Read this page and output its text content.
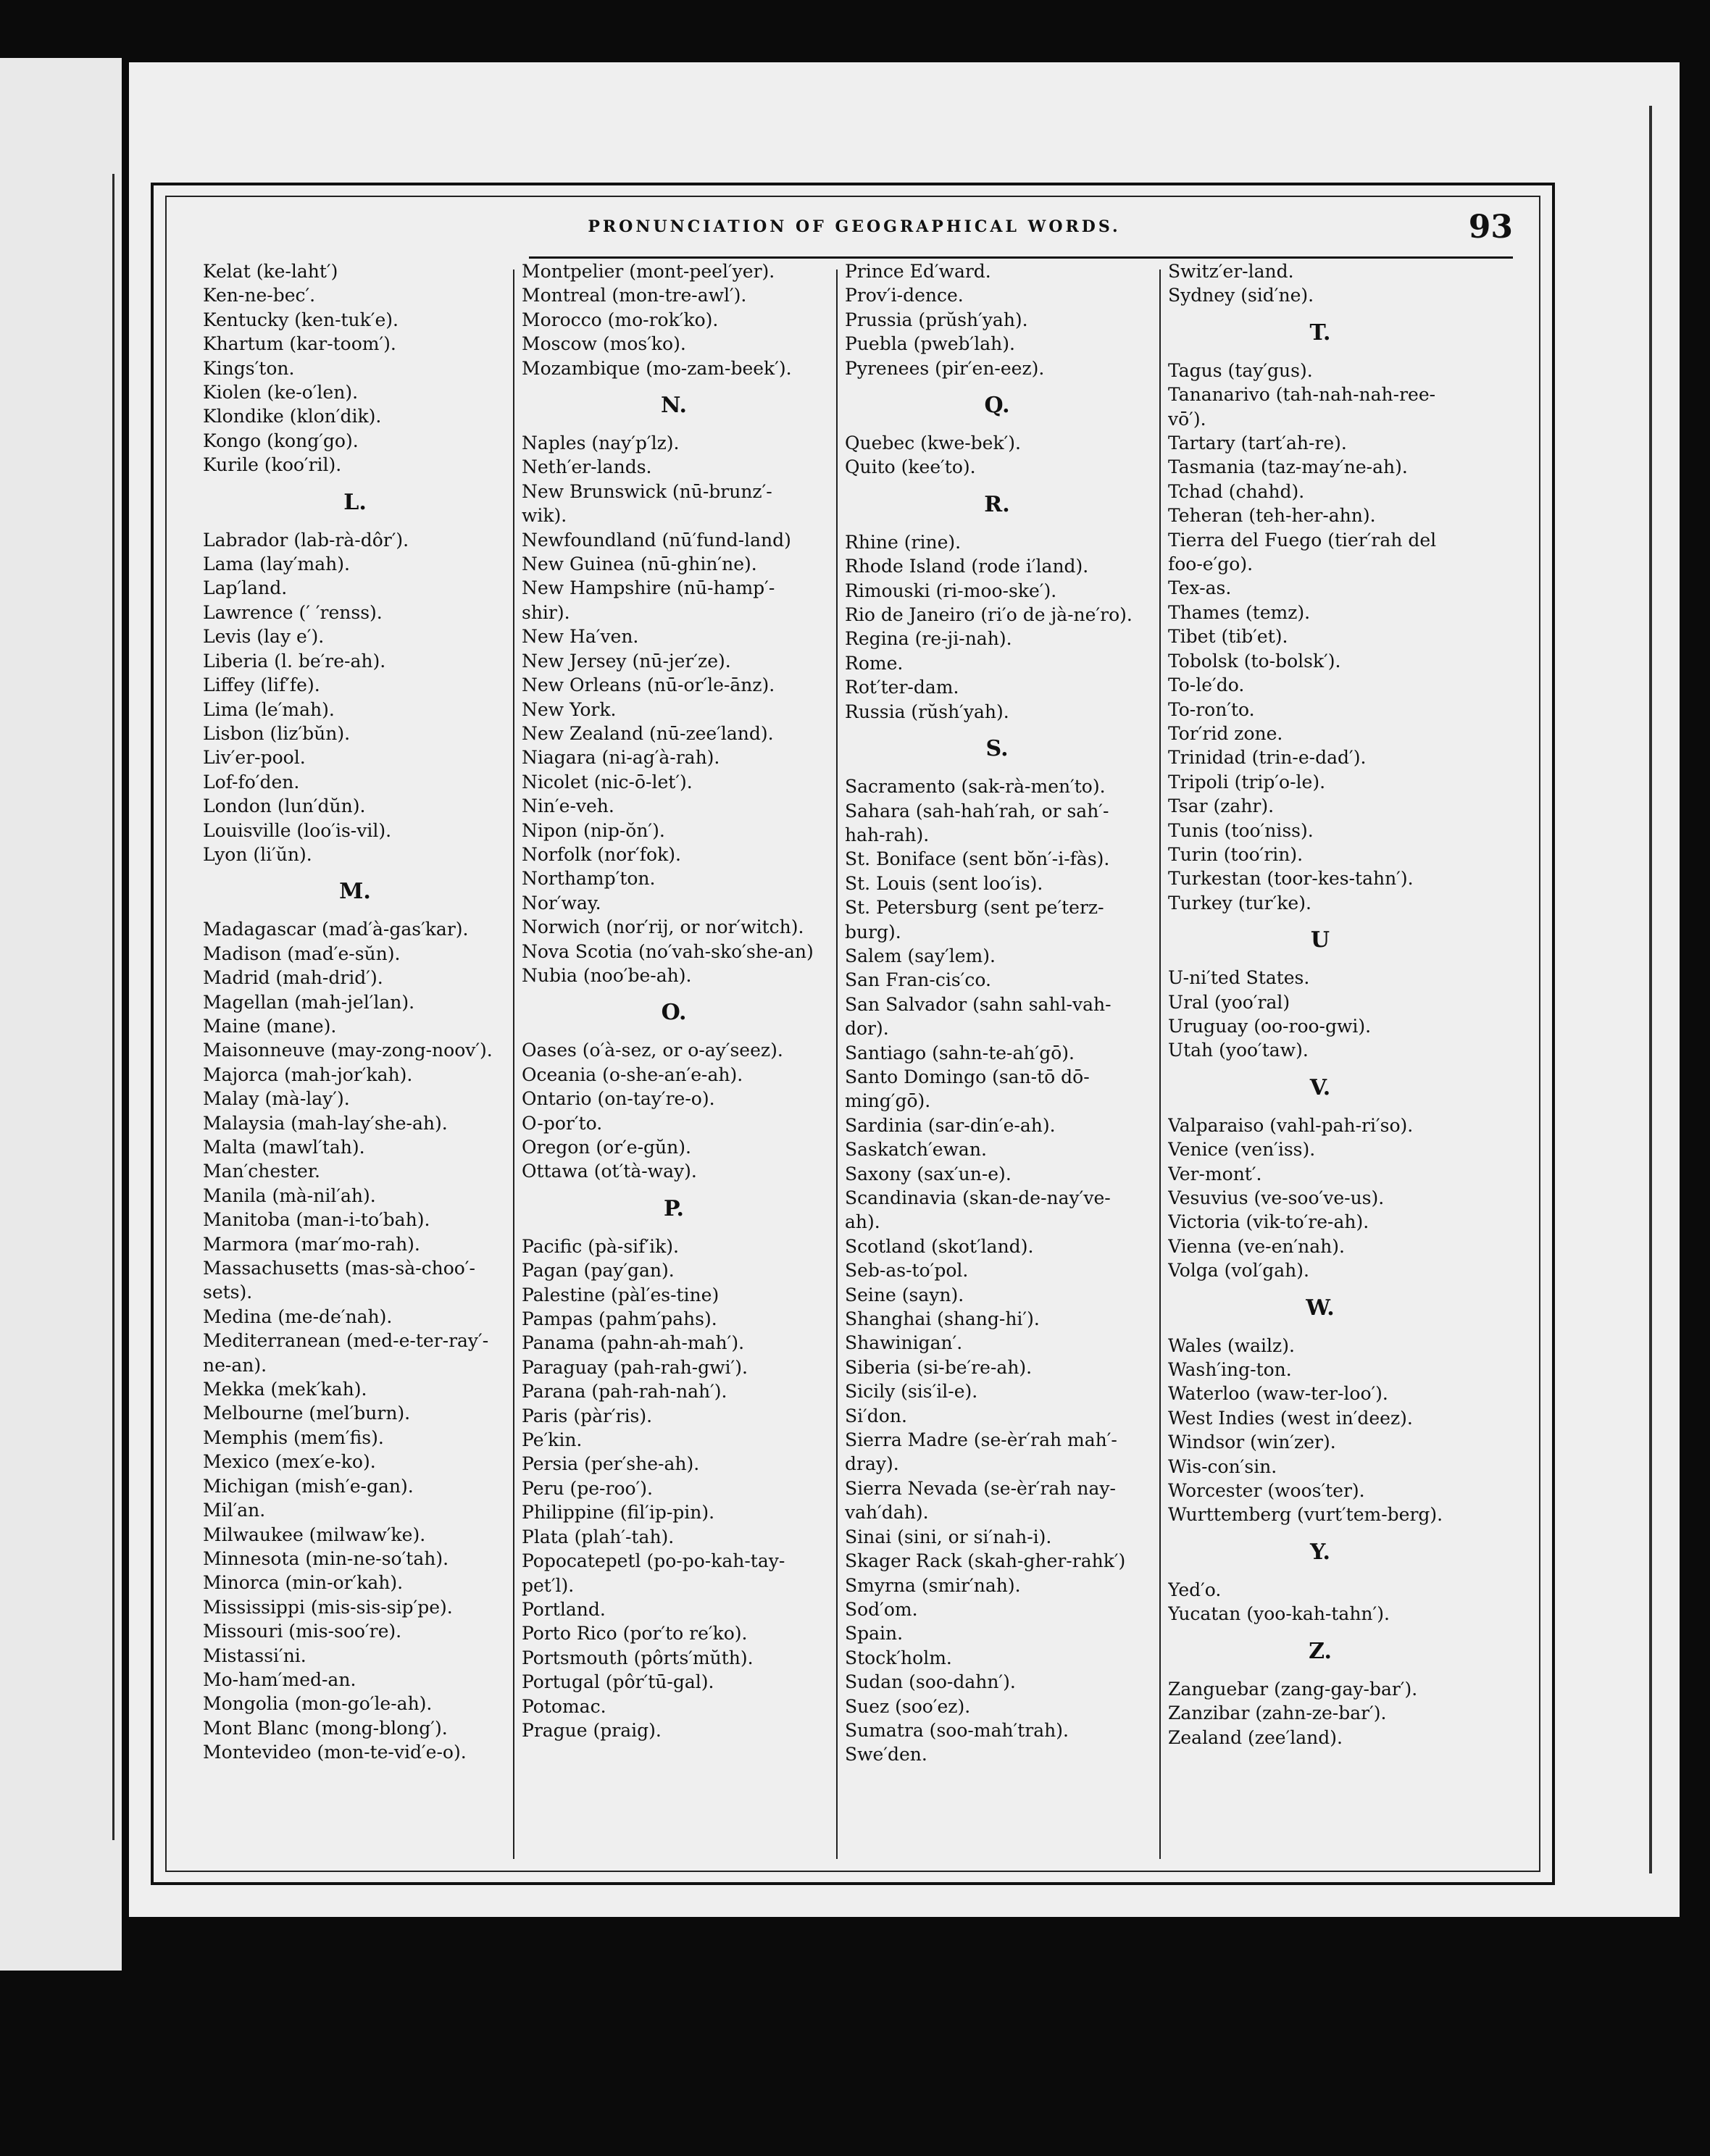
PRONUNCIATION OF GEOGRAPHICAL WORDS.	93
Kelat (ke-laht′)
Ken-ne-bec′.
Kentucky (ken-tuk′e).
Khartum (kar-toom′).
Kings′ton.
Kiolen (ke-o′len).
Klondike (klon′dik).
Kongo (kong′go).
Kurile (koo′ril).
L.
Labrador (lab-rà-dôr′).
Lama (lay′mah).
Lap′land.
Lawrence (′ ′renss).
Levis (lay e′).
Liberia (l. be′re-ah).
Liffey (lif′fe).
Lima (le′mah).
Lisbon (liz′bŭn).
Liv′er-pool.
Lof-fo′den.
London (lun′dŭn).
Louisville (loo′is-vil).
Lyon (li′ŭn).
M.
Madagascar (mad′à-gas′kar).
Madison (mad′e-sŭn).
Madrid (mah-drid′).
Magellan (mah-jel′lan).
Maine (mane).
Maisonneuve (may-zong-noov′).
Majorca (mah-jor′kah).
Malay (mà-lay′).
Malaysia (mah-lay′she-ah).
Malta (mawl′tah).
Man′chester.
Manila (mà-nil′ah).
Manitoba (man-i-to′bah).
Marmora (mar′mo-rah).
Massachusetts (mas-sà-choo′-
sets).
Medina (me-de′nah).
Mediterranean (med-e-ter-ray′-
ne-an).
Mekka (mek′kah).
Melbourne (mel′burn).
Memphis (mem′fis).
Mexico (mex′e-ko).
Michigan (mish′e-gan).
Mil′an.
Milwaukee (milwaw′ke).
Minnesota (min-ne-so′tah).
Minorca (min-or′kah).
Mississippi (mis-sis-sip′pe).
Missouri (mis-soo′re).
Mistassi′ni.
Mo-ham′med-an.
Mongolia (mon-go′le-ah).
Mont Blanc (mong-blong′).
Montevideo (mon-te-vid′e-o).
Montpelier (mont-peel′yer).
Montreal (mon-tre-awl′).
Morocco (mo-rok′ko).
Moscow (mos′ko).
Mozambique (mo-zam-beek′).
N.
Naples (nay′p′lz).
Neth′er-lands.
New Brunswick (nū-brunz′-
wik).
Newfoundland (nū′fund-land)
New Guinea (nū-ghin′ne).
New Hampshire (nū-hamp′-
shir).
New Ha′ven.
New Jersey (nū-jer′ze).
New Orleans (nū-or′le-ānz).
New York.
New Zealand (nū-zee′land).
Niagara (ni-ag′à-rah).
Nicolet (nic-ō-let′).
Nin′e-veh.
Nipon (nip-ŏn′).
Norfolk (nor′fok).
Northamp′ton.
Nor′way.
Norwich (nor′rij, or nor′witch).
Nova Scotia (no′vah-sko′she-an)
Nubia (noo′be-ah).
O.
Oases (o′à-sez, or o-ay′seez).
Oceania (o-she-an′e-ah).
Ontario (on-tay′re-o).
O-por′to.
Oregon (or′e-gŭn).
Ottawa (ot′tà-way).
P.
Pacific (pà-sif′ik).
Pagan (pay′gan).
Palestine (pàl′es-tine)
Pampas (pahm′pahs).
Panama (pahn-ah-mah′).
Paraguay (pah-rah-gwi′).
Parana (pah-rah-nah′).
Paris (pàr′ris).
Pe′kin.
Persia (per′she-ah).
Peru (pe-roo′).
Philippine (fil′ip-pin).
Plata (plah′-tah).
Popocatepetl (po-po-kah-tay-
pet′l).
Portland.
Porto Rico (por′to re′ko).
Portsmouth (pôrts′mŭth).
Portugal (pôr′tū-gal).
Potomac.
Prague (praig).
Prince Ed′ward.
Prov′i-dence.
Prussia (prŭsh′yah).
Puebla (pweb′lah).
Pyrenees (pir′en-eez).
Q.
Quebec (kwe-bek′).
Quito (kee′to).
R.
Rhine (rine).
Rhode Island (rode i′land).
Rimouski (ri-moo-ske′).
Rio de Janeiro (ri′o de jà-ne′ro).
Regina (re-ji-nah).
Rome.
Rot′ter-dam.
Russia (rŭsh′yah).
S.
Sacramento (sak-rà-men′to).
Sahara (sah-hah′rah, or sah′-
hah-rah).
St. Boniface (sent bŏn′-i-fàs).
St. Louis (sent loo′is).
St. Petersburg (sent pe′terz-
burg).
Salem (say′lem).
San Fran-cis′co.
San Salvador (sahn sahl-vah-
dor).
Santiago (sahn-te-ah′gō).
Santo Domingo (san-tō dō-
ming′gō).
Sardinia (sar-din′e-ah).
Saskatch′ewan.
Saxony (sax′un-e).
Scandinavia (skan-de-nay′ve-
ah).
Scotland (skot′land).
Seb-as-to′pol.
Seine (sayn).
Shanghai (shang-hi′).
Shawinigan′.
Siberia (si-be′re-ah).
Sicily (sis′il-e).
Si′don.
Sierra Madre (se-èr′rah mah′-
dray).
Sierra Nevada (se-èr′rah nay-
vah′dah).
Sinai (sini, or si′nah-i).
Skager Rack (skah-gher-rahk′)
Smyrna (smir′nah).
Sod′om.
Spain.
Stock′holm.
Sudan (soo-dahn′).
Suez (soo′ez).
Sumatra (soo-mah′trah).
Swe′den.
Switz′er-land.
Sydney (sid′ne).
T.
Tagus (tay′gus).
Tananarivo (tah-nah-nah-ree-
vō′).
Tartary (tart′ah-re).
Tasmania (taz-may′ne-ah).
Tchad (chahd).
Teheran (teh-her-ahn).
Tierra del Fuego (tier′rah del
foo-e′go).
Tex-as.
Thames (temz).
Tibet (tib′et).
Tobolsk (to-bolsk′).
To-le′do.
To-ron′to.
Tor′rid zone.
Trinidad (trin-e-dad′).
Tripoli (trip′o-le).
Tsar (zahr).
Tunis (too′niss).
Turin (too′rin).
Turkestan (toor-kes-tahn′).
Turkey (tur′ke).
U
U-ni′ted States.
Ural (yoo′ral)
Uruguay (oo-roo-gwi).
Utah (yoo′taw).
V.
Valparaiso (vahl-pah-ri′so).
Venice (ven′iss).
Ver-mont′.
Vesuvius (ve-soo′ve-us).
Victoria (vik-to′re-ah).
Vienna (ve-en′nah).
Volga (vol′gah).
W.
Wales (wailz).
Wash′ing-ton.
Waterloo (waw-ter-loo′).
West Indies (west in′deez).
Windsor (win′zer).
Wis-con′sin.
Worcester (woos′ter).
Wurttemberg (vurt′tem-berg).
Y.
Yed′o.
Yucatan (yoo-kah-tahn′).
Z.
Zanguebar (zang-gay-bar′).
Zanzibar (zahn-ze-bar′).
Zealand (zee′land).
